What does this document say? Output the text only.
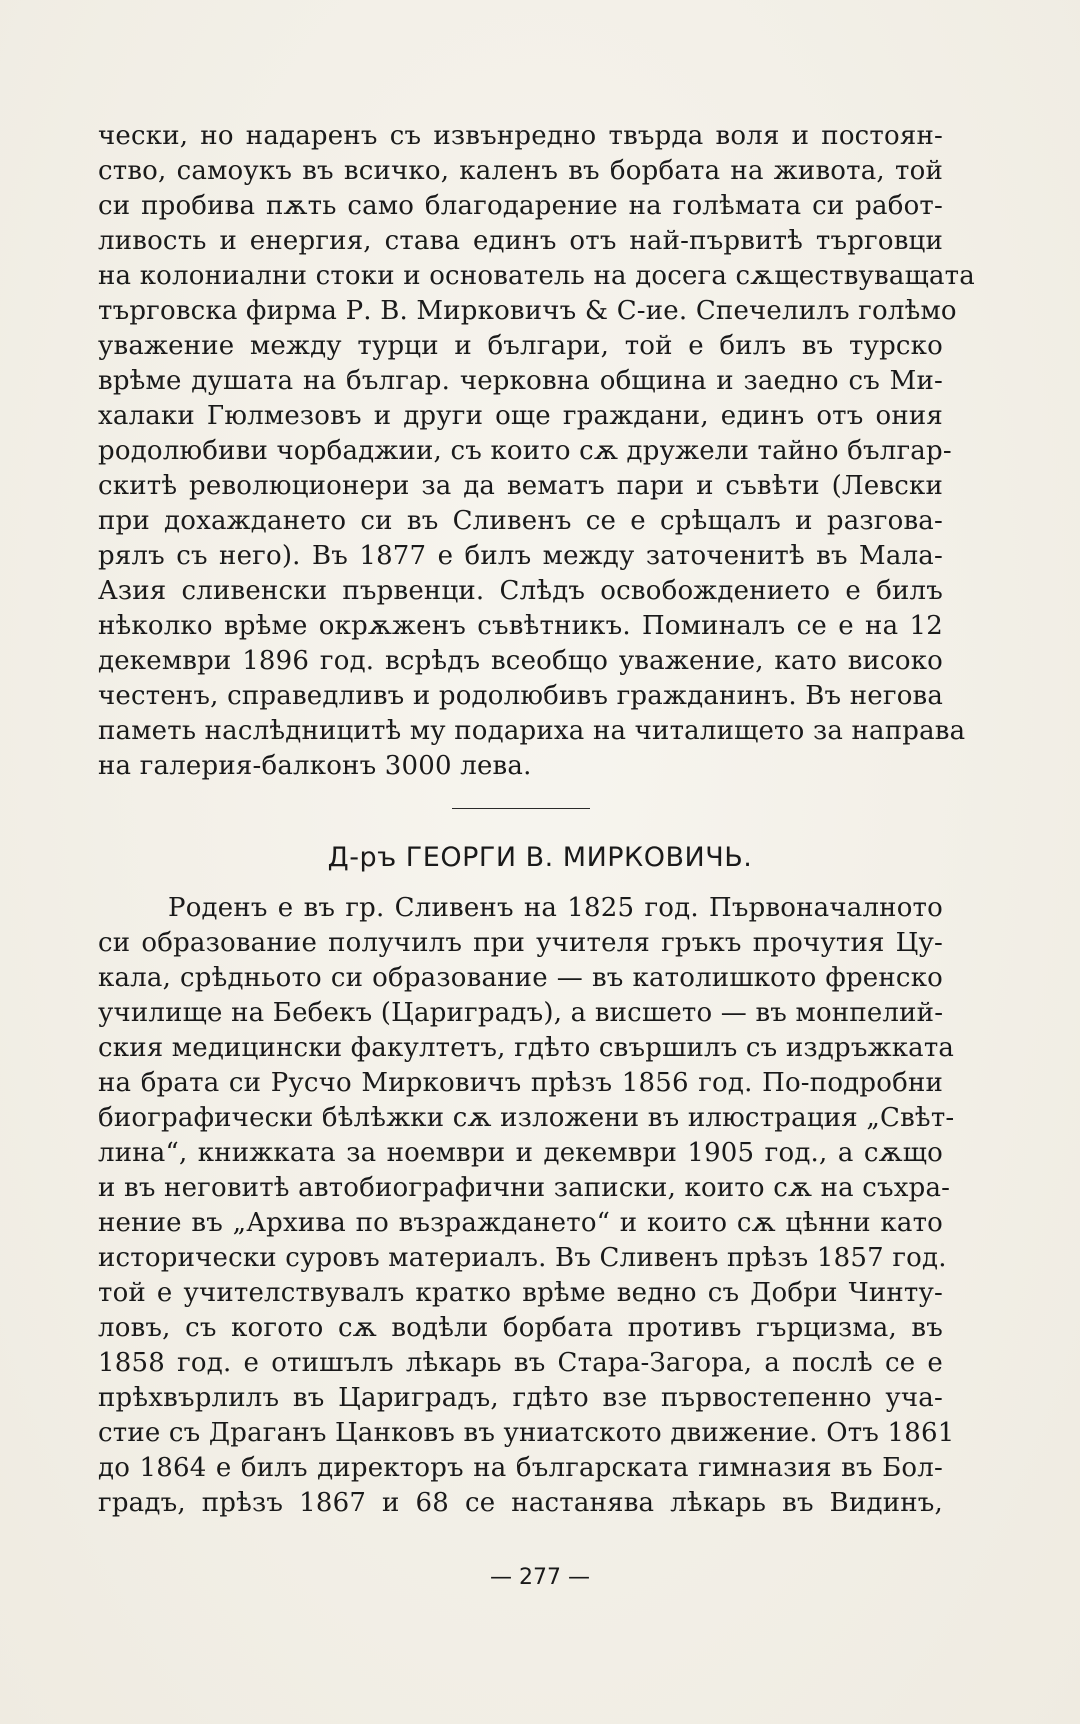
чески, но надаренъ съ извънредно твърда воля и постоян-
ство, самоукъ въ всичко, каленъ въ борбата на живота, той
си пробива пѫть само благодарение на голѣмата си работ-
ливость и енергия, става единъ отъ най-първитѣ търговци
на колониални стоки и основатель на досега сѫществуващата
търговска фирма Р. В. Мирковичъ & С-ие. Спечелилъ голѣмо
уважение между турци и българи, той е билъ въ турско
врѣме душата на българ. черковна община и заедно съ Ми-
халаки Гюлмезовъ и други още граждани, единъ отъ ония
родолюбиви чорбаджии, съ които сѫ дружели тайно българ-
скитѣ революционери за да вематъ пари и съвѣти (Левски
при дохаждането си въ Сливенъ се е срѣщалъ и разгова-
рялъ съ него). Въ 1877 е билъ между заточенитѣ въ Мала-
Азия сливенски първенци. Слѣдъ освобождението е билъ
нѣколко врѣме окрѫженъ съвѣтникъ. Поминалъ се е на 12
декември 1896 год. всрѣдъ всеобщо уважение, като високо
честенъ, справедливъ и родолюбивъ гражданинъ. Въ негова
паметь наслѣдницитѣ му подариха на читалището за направа
на галерия-балконъ 3000 лева.
Д-ръ ГЕОРГИ В. МИРКОВИЧЬ.
Роденъ е въ гр. Сливенъ на 1825 год. Първоначалното
си образование получилъ при учителя гръкъ прочутия Цу-
кала, срѣдньото си образование — въ католишкото френско
училище на Бебекъ (Цариградъ), а висшето — въ монпелий-
ския медицински факултетъ, гдѣто свършилъ съ издръжката
на брата си Русчо Мирковичъ прѣзъ 1856 год. По-подробни
биографически бѣлѣжки сѫ изложени въ илюстрация „Свѣт-
лина“, книжката за ноември и декември 1905 год., а сѫщо
и въ неговитѣ автобиографични записки, които сѫ на съхра-
нение въ „Архива по възраждането“ и които сѫ цѣнни като
исторически суровъ материалъ. Въ Сливенъ прѣзъ 1857 год.
той е учителствувалъ кратко врѣме ведно съ Добри Чинту-
ловъ, съ когото сѫ водѣли борбата противъ гърцизма, въ
1858 год. е отишълъ лѣкарь въ Стара-Загора, а послѣ се е
прѣхвърлилъ въ Цариградъ, гдѣто взе първостепенно уча-
стие съ Драганъ Цанковъ въ униатското движение. Отъ 1861
до 1864 е билъ директоръ на българската гимназия въ Бол-
градъ, прѣзъ 1867 и 68 се настанява лѣкарь въ Видинъ,
— 277 —
